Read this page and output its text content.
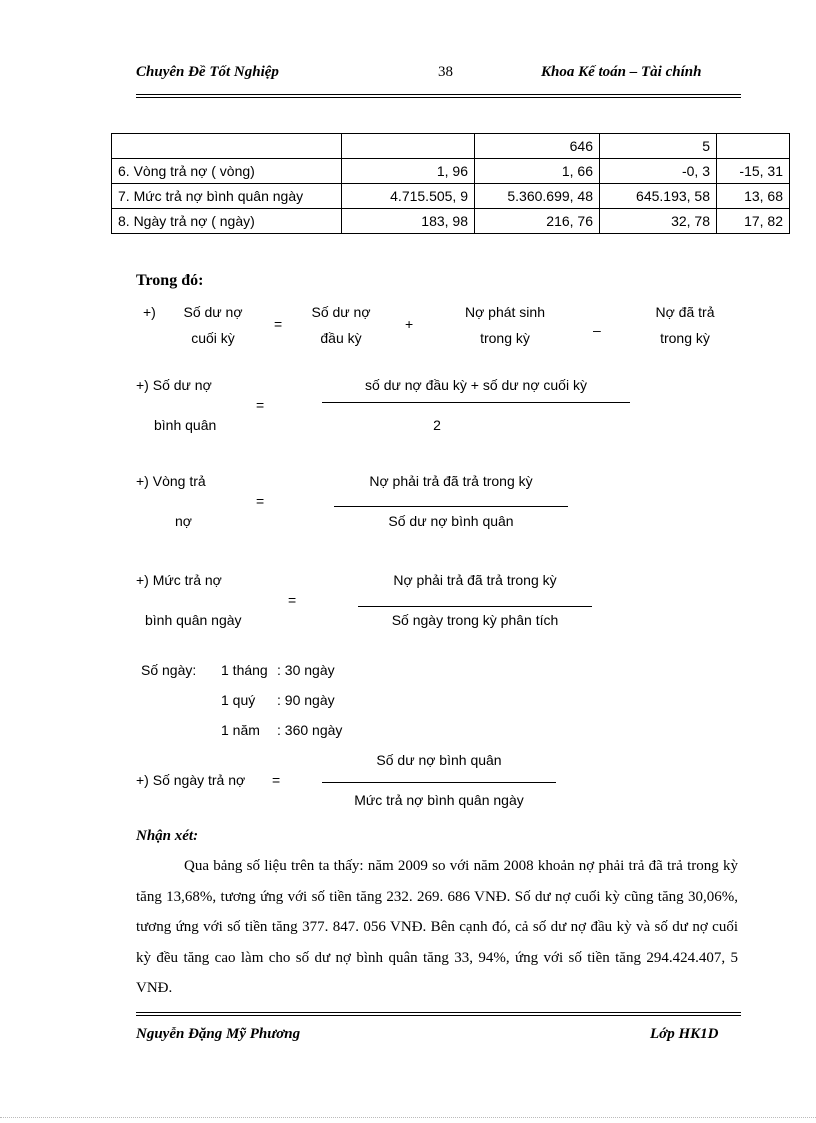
Chuyên Đề Tốt Nghiệp	38	Khoa Kế toán – Tài chính
		646	5	
6. Vòng trả nợ ( vòng)	1, 96	1, 66	-0, 3	-15, 31
7. Mức trả nợ bình quân ngày	4.715.505, 9	5.360.699, 48	645.193, 58	13, 68
8. Ngày trả nợ ( ngày)	183, 98	216, 76	32, 78	17, 82
Trong đó:
+)	Số dư nợ
cuối kỳ
=
Số dư nợ
đầu kỳ
+
Nợ phát sinh
trong kỳ	–
Nợ đã trả
trong kỳ
+) Số dư nợ
bình quân
=
số dư nợ đầu kỳ + số dư nợ cuối kỳ
2
+) Vòng trả
nợ
=
Nợ phải trả đã trả trong kỳ
Số dư nợ bình quân
+) Mức trả nợ
bình quân ngày
=
Nợ phải trả đã trả trong kỳ
Số ngày trong kỳ phân tích
Số ngày: 1 tháng : 30 ngày
1 quý : 90 ngày
1 năm : 360 ngày
+) Số ngày trả nợ =
Số dư nợ bình quân
Mức trả nợ bình quân ngày
Nhận xét:

Qua bảng số liệu trên ta thấy: năm 2009 so với năm 2008 khoản nợ phải trả đã trả trong kỳ tăng 13,68%, tương ứng với số tiền tăng 232. 269. 686 VNĐ. Số dư nợ cuối kỳ cũng tăng 30,06%, tương ứng với số tiền tăng 377. 847. 056 VNĐ. Bên cạnh đó, cả số dư nợ đầu kỳ và số dư nợ cuối kỳ đều tăng cao làm cho số dư nợ bình quân tăng 33, 94%, ứng với số tiền tăng 294.424.407, 5 VNĐ.

Nguyễn Đặng Mỹ Phương	Lớp HK1D
